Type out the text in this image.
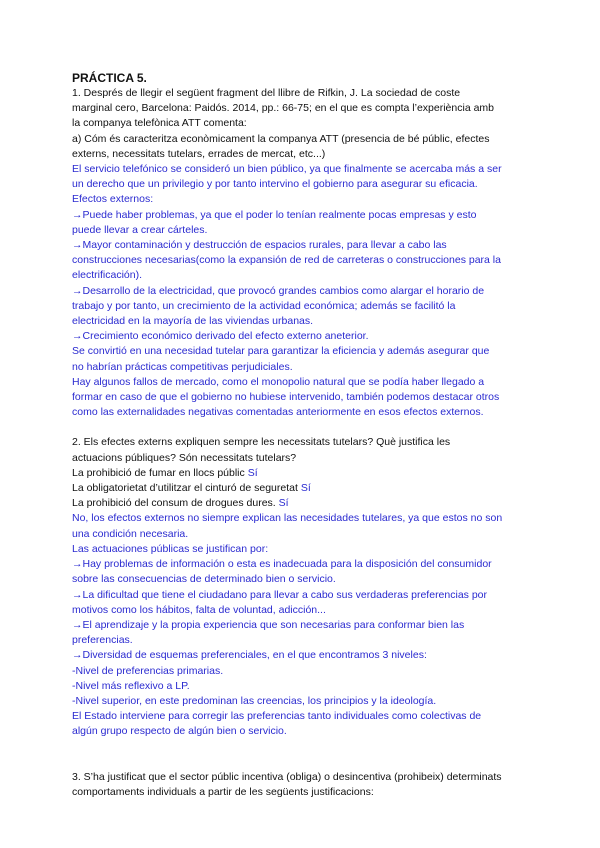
PRÁCTICA 5.

1. Després de llegir el següent fragment del llibre de Rifkin, J. La sociedad de coste
marginal cero, Barcelona: Paidós. 2014, pp.: 66-75; en el que es compta l’experiència amb
la companya telefònica ATT comenta:

a) Cóm és caracteritza econòmicament la companya ATT (presencia de bé públic, efectes
externs, necessitats tutelars, errades de mercat, etc...)

El servicio telefónico se consideró un bien público, ya que finalmente se acercaba más a ser
un derecho que un privilegio y por tanto intervino el gobierno para asegurar su eficacia.

Efectos externos:

→Puede haber problemas, ya que el poder lo tenían realmente pocas empresas y esto
puede llevar a crear cárteles.

→Mayor contaminación y destrucción de espacios rurales, para llevar a cabo las
construcciones necesarias(como la expansión de red de carreteras o construcciones para la
electrificación).

→Desarrollo de la electricidad, que provocó grandes cambios como alargar el horario de
trabajo y por tanto, un crecimiento de la actividad económica; además se facilitó la
electricidad en la mayoría de las viviendas urbanas.

→Crecimiento económico derivado del efecto externo aneterior.

Se convirtió en una necesidad tutelar para garantizar la eficiencia y además asegurar que
no habrían prácticas competitivas perjudiciales.

Hay algunos fallos de mercado, como el monopolio natural que se podía haber llegado a
formar en caso de que el gobierno no hubiese intervenido, también podemos destacar otros
como las externalidades negativas comentadas anteriormente en esos efectos externos.

2. Els efectes externs expliquen sempre les necessitats tutelars? Què justifica les
actuacions públiques? Són necessitats tutelars?

La prohibició de fumar en llocs públic Sí

La obligatorietat d’utilitzar el cinturó de seguretat Sí

La prohibició del consum de drogues dures. Sí

No, los efectos externos no siempre explican las necesidades tutelares, ya que estos no son
una condición necesaria.

Las actuaciones públicas se justifican por:

→Hay problemas de información o esta es inadecuada para la disposición del consumidor
sobre las consecuencias de determinado bien o servicio.

→La dificultad que tiene el ciudadano para llevar a cabo sus verdaderas preferencias por
motivos como los hábitos, falta de voluntad, adicción...

→El aprendizaje y la propia experiencia que son necesarias para conformar bien las
preferencias.

→Diversidad de esquemas preferenciales, en el que encontramos 3 niveles:

-Nivel de preferencias primarias.

-Nivel más reflexivo a LP.

-Nivel superior, en este predominan las creencias, los principios y la ideología.

El Estado interviene para corregir las preferencias tanto individuales como colectivas de
algún grupo respecto de algún bien o servicio.

3. S’ha justificat que el sector públic incentiva (obliga) o desincentiva (prohibeix) determinats
comportaments individuals a partir de les següents justificacions:
